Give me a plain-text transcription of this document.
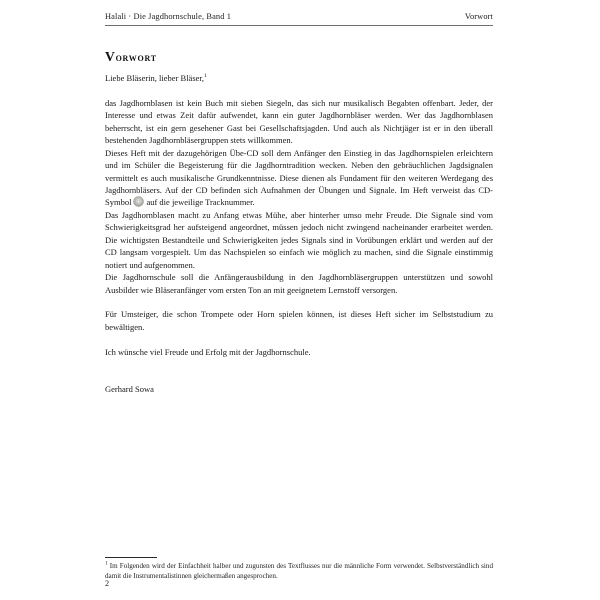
Halali · Die Jagdhornschule, Band 1	Vorwort
Vorwort

Liebe Bläserin, lieber Bläser,$^1$

das Jagdhornblasen ist kein Buch mit sieben Siegeln, das sich nur musikalisch Begabten offenbart. Jeder, der Interesse und etwas Zeit dafür aufwendet, kann ein guter Jagdhornbläser werden. Wer das Jagdhornblasen beherrscht, ist ein gern gesehener Gast bei Gesellschaftsjagden. Und auch als Nichtjäger ist er in den überall bestehenden Jagdhornbläsergruppen stets willkommen.

Dieses Heft mit der dazugehörigen Übe-CD soll dem Anfänger den Einstieg in das Jagdhornspielen erleichtern und im Schüler die Begeisterung für die Jagdhorntradition wecken. Neben den gebräuchlichen Jagdsignalen vermittelt es auch musikalische Grundkenntnisse. Diese dienen als Fundament für den weiteren Werdegang des Jagdhornbläsers. Auf der CD befinden sich Aufnahmen der Übungen und Signale. Im Heft verweist das CD-Symbol auf die jeweilige Tracknummer.

Das Jagdhornblasen macht zu Anfang etwas Mühe, aber hinterher umso mehr Freude. Die Signale sind vom Schwierigkeitsgrad her aufsteigend angeordnet, müssen jedoch nicht zwingend nacheinander erarbeitet werden. Die wichtigsten Bestandteile und Schwierigkeiten jedes Signals sind in Vorübungen erklärt und werden auf der CD langsam vorgespielt. Um das Nachspielen so einfach wie möglich zu machen, sind die Signale einstimmig notiert und aufgenommen.

Die Jagdhornschule soll die Anfängerausbildung in den Jagdhornbläsergruppen unterstützen und sowohl Ausbilder wie Bläseranfänger vom ersten Ton an mit geeignetem Lernstoff versorgen.

Für Umsteiger, die schon Trompete oder Horn spielen können, ist dieses Heft sicher im Selbststudium zu bewältigen.

Ich wünsche viel Freude und Erfolg mit der Jagdhornschule.

Gerhard Sowa

$^1$ Im Folgenden wird der Einfachheit halber und zugunsten des Textflusses nur die männliche Form verwendet. Selbstverständlich sind damit die Instrumentalistinnen gleichermaßen angesprochen.
2
